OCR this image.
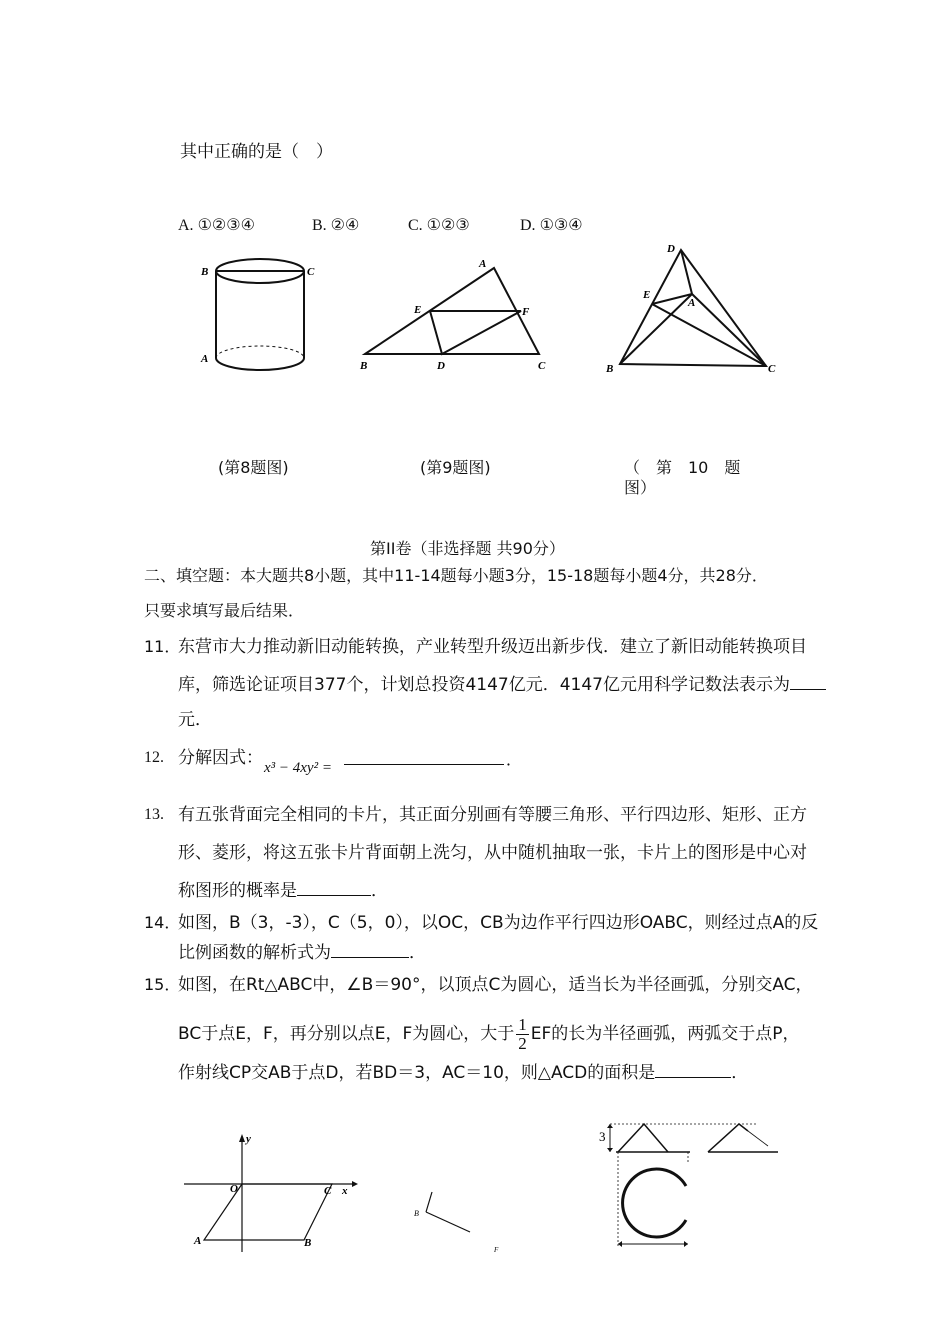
其中正确的是（　）
A. ①②③④	B. ②④	C. ①②③	D. ①③④
B	C
A
A
E	F
B	D	C
D
E
A
B	C
(第8题图)	(第9题图)	（　第　10　题
图）
第II卷（非选择题 共90分）
二、填空题：本大题共8小题，其中11-14题每小题3分，15-18题每小题4分，共28分．
只要求填写最后结果．
11．
东营市大力推动新旧动能转换，产业转型升级迈出新步伐．建立了新旧动能转换项目
库，筛选论证项目377个，计划总投资4147亿元．4147亿元用科学记数法表示为
元．
12. 分解因式： x³ − 4xy² =	．
13. 有五张背面完全相同的卡片，其正面分别画有等腰三角形、平行四边形、矩形、正方
形、菱形，将这五张卡片背面朝上洗匀，从中随机抽取一张，卡片上的图形是中心对
称图形的概率是	．
14．
如图，B（3，-3），C（5，0），以OC，CB为边作平行四边形OABC，则经过点A的反
比例函数的解析式为	．
15．
如图，在Rt△ABC中，∠B＝90°，以顶点C为圆心，适当长为半径画弧，分别交AC，
BC于点E，F，再分别以点E，F为圆心，大于 $\frac{1}{2}$ EF的长为半径画弧，两弧交于点P，
作射线CP交AB于点D，若BD＝3，AC＝10，则△ACD的面积是	．
y
x
O	C
A	B
B
F
3
